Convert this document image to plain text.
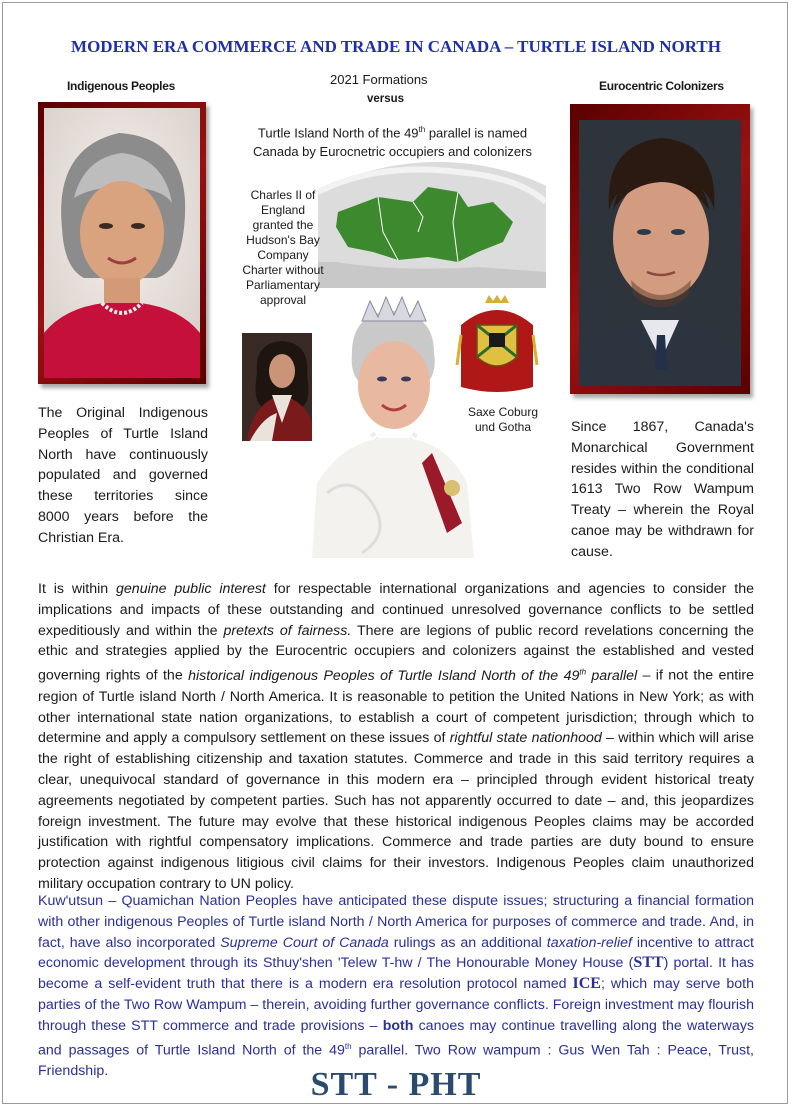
MODERN ERA COMMERCE AND TRADE IN CANADA – TURTLE ISLAND NORTH
Indigenous Peoples
The Original Indigenous Peoples of Turtle Island North have continuously populated and governed these territories since 8000 years before the Christian Era.
2021 Formations
versus
Turtle Island North of the 49th parallel is named
Canada by Eurocnetric occupiers and colonizers
Charles II of
England
granted the
Hudson's Bay
Company
Charter without
Parliamentary
approval
Saxe Coburg
und Gotha
Eurocentric Colonizers
Since 1867, Canada's Monarchical Government resides within the conditional 1613 Two Row Wampum Treaty – wherein the Royal canoe may be withdrawn for cause.
It is within genuine public interest for respectable international organizations and agencies to consider the implications and impacts of these outstanding and continued unresolved governance conflicts to be settled expeditiously and within the pretexts of fairness. There are legions of public record revelations concerning the ethic and strategies applied by the Eurocentric occupiers and colonizers against the established and vested governing rights of the historical indigenous Peoples of Turtle Island North of the 49th parallel – if not the entire region of Turtle island North / North America. It is reasonable to petition the United Nations in New York; as with other international state nation organizations, to establish a court of competent jurisdiction; through which to determine and apply a compulsory settlement on these issues of rightful state nationhood – within which will arise the right of establishing citizenship and taxation statutes. Commerce and trade in this said territory requires a clear, unequivocal standard of governance in this modern era – principled through evident historical treaty agreements negotiated by competent parties. Such has not apparently occurred to date – and, this jeopardizes foreign investment. The future may evolve that these historical indigenous Peoples claims may be accorded justification with rightful compensatory implications. Commerce and trade parties are duty bound to ensure protection against indigenous litigious civil claims for their investors. Indigenous Peoples claim unauthorized military occupation contrary to UN policy.
Kuw'utsun – Quamichan Nation Peoples have anticipated these dispute issues; structuring a financial formation with other indigenous Peoples of Turtle island North / North America for purposes of commerce and trade. And, in fact, have also incorporated Supreme Court of Canada rulings as an additional taxation-relief incentive to attract economic development through its Sthuy'shen 'Telew T-hw / The Honourable Money House (STT) portal. It has become a self-evident truth that there is a modern era resolution protocol named ICE; which may serve both parties of the Two Row Wampum – therein, avoiding further governance conflicts. Foreign investment may flourish through these STT commerce and trade provisions – both canoes may continue travelling along the waterways and passages of Turtle Island North of the 49th parallel. Two Row wampum : Gus Wen Tah : Peace, Trust, Friendship.	STT - PHT
